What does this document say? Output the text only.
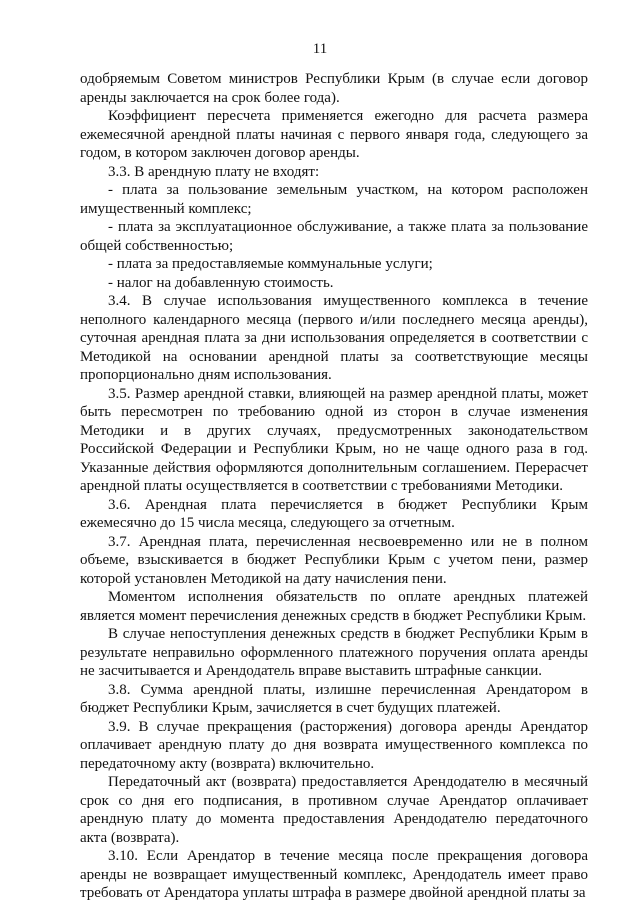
11

одобряемым Советом министров Республики Крым (в случае если договор аренды заключается на срок более года).

Коэффициент пересчета применяется ежегодно для расчета размера ежемесячной арендной платы начиная с первого января года, следующего за годом, в котором заключен договор аренды.

3.3. В арендную плату не входят:

- плата за пользование земельным участком, на котором расположен имущественный комплекс;

- плата за эксплуатационное обслуживание, а также плата за пользование общей собственностью;

- плата за предоставляемые коммунальные услуги;

- налог на добавленную стоимость.

3.4. В случае использования имущественного комплекса в течение неполного календарного месяца (первого и/или последнего месяца аренды), суточная арендная плата за дни использования определяется в соответствии с Методикой на основании арендной платы за соответствующие месяцы пропорционально дням использования.

3.5. Размер арендной ставки, влияющей на размер арендной платы, может быть пересмотрен по требованию одной из сторон в случае изменения Методики и в других случаях, предусмотренных законодательством Российской Федерации и Республики Крым, но не чаще одного раза в год. Указанные действия оформляются дополнительным соглашением. Перерасчет арендной платы осуществляется в соответствии с требованиями Методики.

3.6. Арендная плата перечисляется в бюджет Республики Крым ежемесячно до 15 числа месяца, следующего за отчетным.

3.7. Арендная плата, перечисленная несвоевременно или не в полном объеме, взыскивается в бюджет Республики Крым с учетом пени, размер которой установлен Методикой на дату начисления пени.

Моментом исполнения обязательств по оплате арендных платежей является момент перечисления денежных средств в бюджет Республики Крым.

В случае непоступления денежных средств в бюджет Республики Крым в результате неправильно оформленного платежного поручения оплата аренды не засчитывается и Арендодатель вправе выставить штрафные санкции.

3.8. Сумма арендной платы, излишне перечисленная Арендатором в бюджет Республики Крым, зачисляется в счет будущих платежей.

3.9. В случае прекращения (расторжения) договора аренды Арендатор оплачивает арендную плату до дня возврата имущественного комплекса по передаточному акту (возврата) включительно.

Передаточный акт (возврата) предоставляется Арендодателю в месячный срок со дня его подписания, в противном случае Арендатор оплачивает арендную плату до момента предоставления Арендодателю передаточного акта (возврата).

3.10. Если Арендатор в течение месяца после прекращения договора аренды не возвращает имущественный комплекс, Арендодатель имеет право требовать от Арендатора уплаты штрафа в размере двойной арендной платы за
